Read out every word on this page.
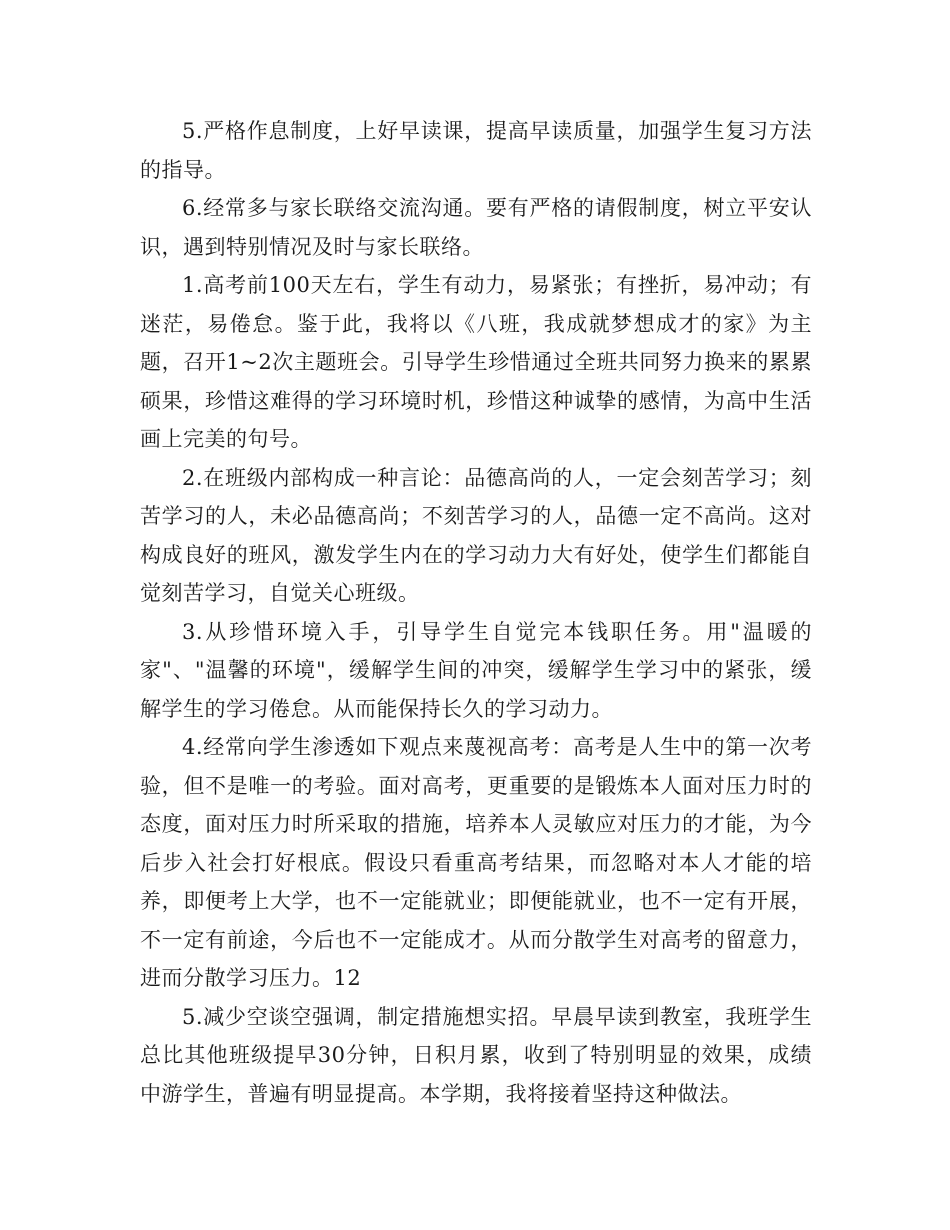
5.严格作息制度，上好早读课，提高早读质量，加强学生复习方法的指导。

6.经常多与家长联络交流沟通。要有严格的请假制度，树立平安认识，遇到特别情况及时与家长联络。

1.高考前100天左右，学生有动力，易紧张；有挫折，易冲动；有迷茫，易倦怠。鉴于此，我将以《八班，我成就梦想成才的家》为主题，召开1~2次主题班会。引导学生珍惜通过全班共同努力换来的累累硕果，珍惜这难得的学习环境时机，珍惜这种诚挚的感情，为高中生活画上完美的句号。

2.在班级内部构成一种言论：品德高尚的人，一定会刻苦学习；刻苦学习的人，未必品德高尚；不刻苦学习的人，品德一定不高尚。这对构成良好的班风，激发学生内在的学习动力大有好处，使学生们都能自觉刻苦学习，自觉关心班级。

3.从珍惜环境入手，引导学生自觉完本钱职任务。用"温暖的家"、"温馨的环境"，缓解学生间的冲突，缓解学生学习中的紧张，缓解学生的学习倦怠。从而能保持长久的学习动力。

4.经常向学生渗透如下观点来蔑视高考：高考是人生中的第一次考验，但不是唯一的考验。面对高考，更重要的是锻炼本人面对压力时的态度，面对压力时所采取的措施，培养本人灵敏应对压力的才能，为今后步入社会打好根底。假设只看重高考结果，而忽略对本人才能的培养，即便考上大学，也不一定能就业；即便能就业，也不一定有开展，不一定有前途，今后也不一定能成才。从而分散学生对高考的留意力，进而分散学习压力。12

5.减少空谈空强调，制定措施想实招。早晨早读到教室，我班学生总比其他班级提早30分钟，日积月累，收到了特别明显的效果，成绩中游学生，普遍有明显提高。本学期，我将接着坚持这种做法。
